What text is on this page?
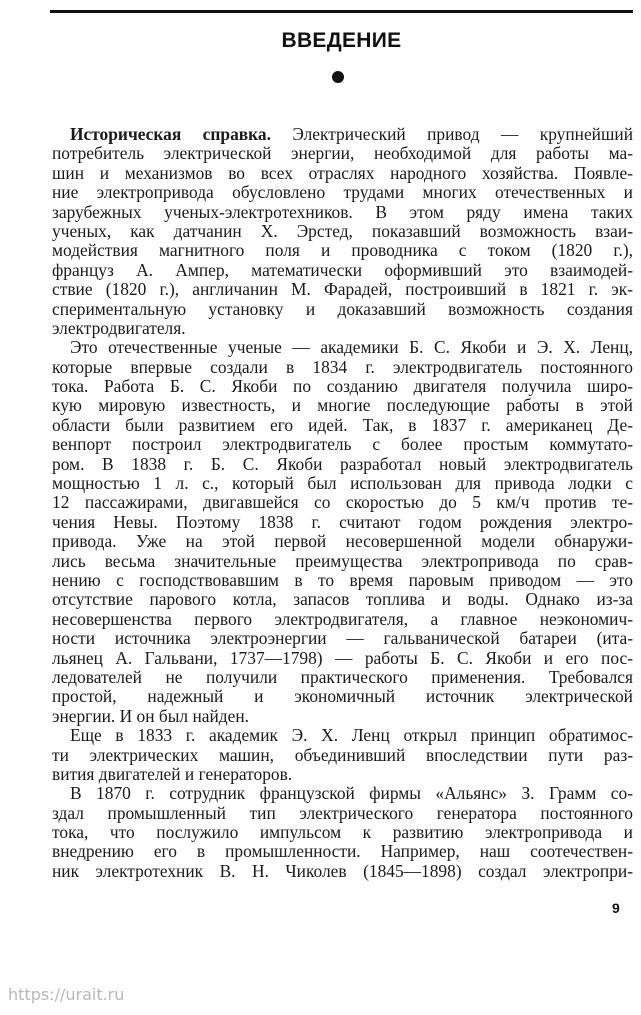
ВВЕДЕНИЕ
Историческая справка. Электрический привод — крупнейший
потребитель электрической энергии, необходимой для работы ма-
шин и механизмов во всех отраслях народного хозяйства. Появле-
ние электропривода обусловлено трудами многих отечественных и
зарубежных ученых-электротехников. В этом ряду имена таких
ученых, как датчанин Х. Эрстед, показавший возможность взаи-
модействия магнитного поля и проводника с током (1820 г.),
француз А. Ампер, математически оформивший это взаимодей-
ствие (1820 г.), англичанин М. Фарадей, построивший в 1821 г. эк-
спериментальную установку и доказавший возможность создания
электродвигателя.
Это отечественные ученые — академики Б. С. Якоби и Э. Х. Ленц,
которые впервые создали в 1834 г. электродвигатель постоянного
тока. Работа Б. С. Якоби по созданию двигателя получила широ-
кую мировую известность, и многие последующие работы в этой
области были развитием его идей. Так, в 1837 г. американец Де-
венпорт построил электродвигатель с более простым коммутато-
ром. В 1838 г. Б. С. Якоби разработал новый электродвигатель
мощностью 1 л. с., который был использован для привода лодки с
12 пассажирами, двигавшейся со скоростью до 5 км/ч против те-
чения Невы. Поэтому 1838 г. считают годом рождения электро-
привода. Уже на этой первой несовершенной модели обнаружи-
лись весьма значительные преимущества электропривода по срав-
нению с господствовавшим в то время паровым приводом — это
отсутствие парового котла, запасов топлива и воды. Однако из-за
несовершенства первого электродвигателя, а главное неэкономич-
ности источника электроэнергии — гальванической батареи (ита-
льянец А. Гальвани, 1737—1798) — работы Б. С. Якоби и его пос-
ледователей не получили практического применения. Требовался
простой, надежный и экономичный источник электрической
энергии. И он был найден.
Еще в 1833 г. академик Э. Х. Ленц открыл принцип обратимос-
ти электрических машин, объединивший впоследствии пути раз-
вития двигателей и генераторов.
В 1870 г. сотрудник французской фирмы «Альянс» З. Грамм со-
здал промышленный тип электрического генератора постоянного
тока, что послужило импульсом к развитию электропривода и
внедрению его в промышленности. Например, наш соотечествен-
ник электротехник В. Н. Чиколев (1845—1898) создал электропри-
9
https://urait.ru
